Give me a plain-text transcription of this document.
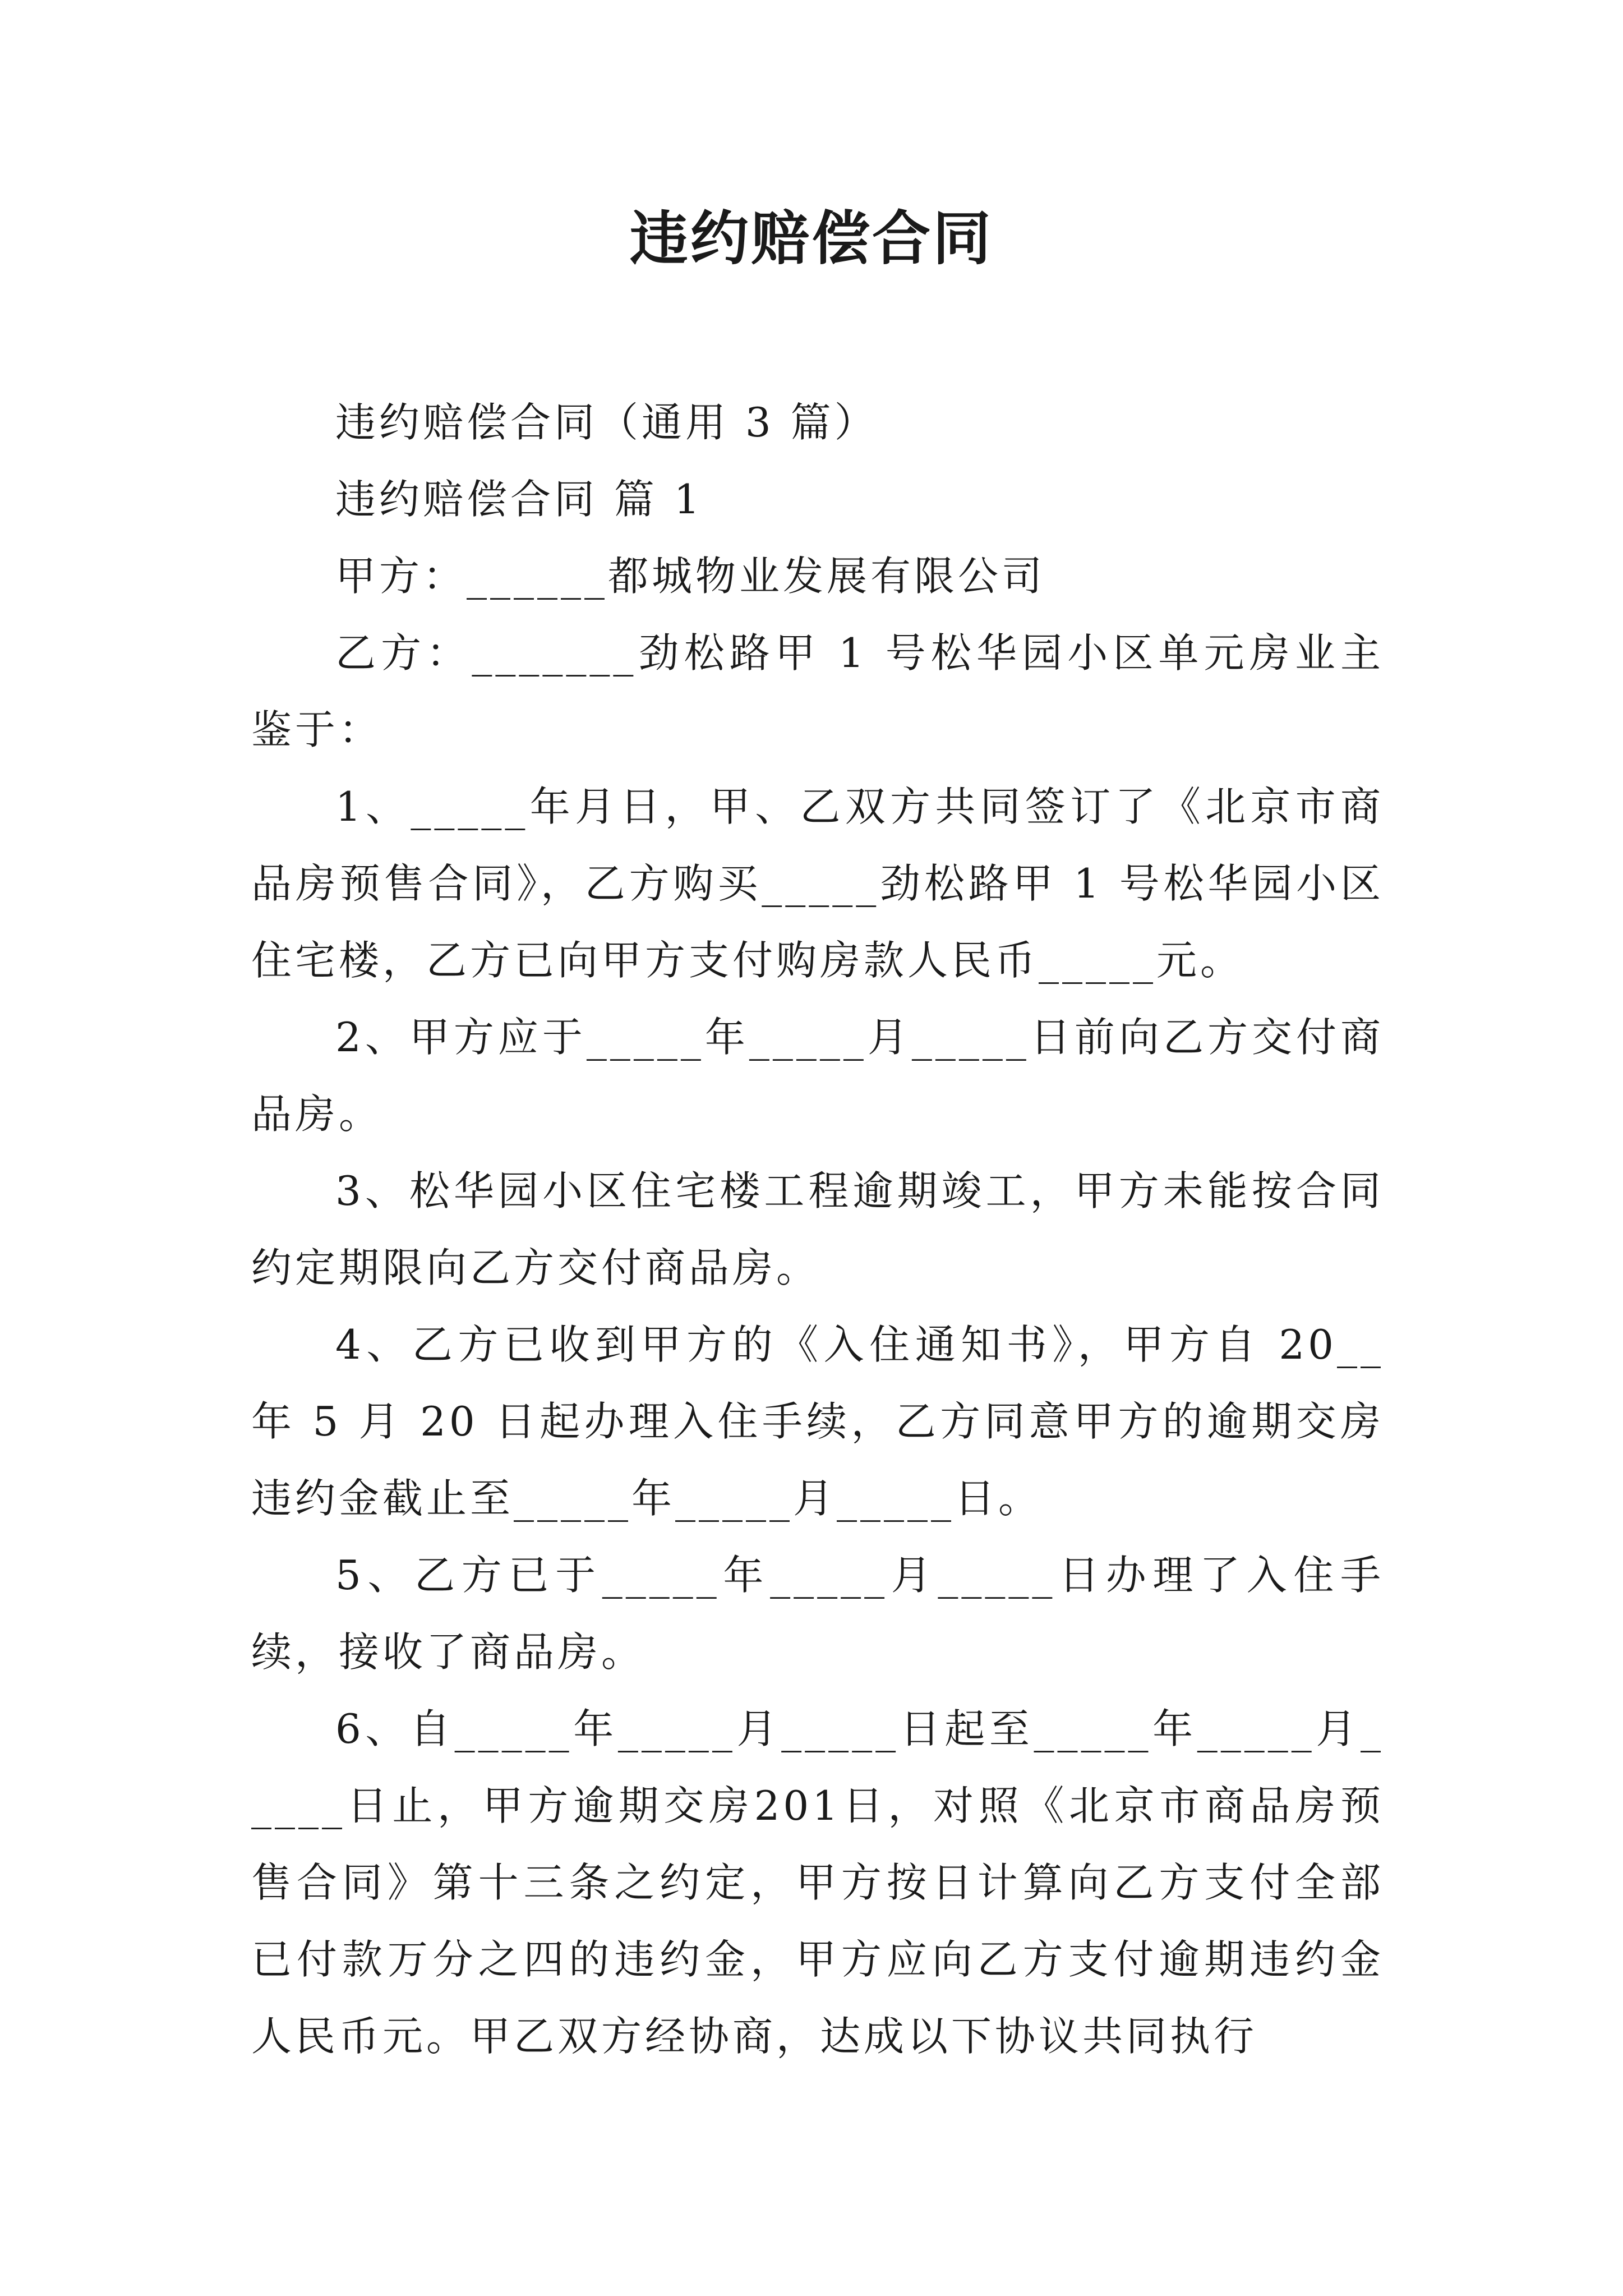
违约赔偿合同

违约赔偿合同（通用 3 篇）

违约赔偿合同 篇 1

甲方：______都城物业发展有限公司

乙方：_______劲松路甲 1 号松华园小区单元房业主鉴于：

1、_____年月日，甲、乙双方共同签订了《北京市商品房预售合同》，乙方购买_____劲松路甲 1 号松华园小区住宅楼，乙方已向甲方支付购房款人民币_____元。

2、甲方应于_____年_____月_____日前向乙方交付商品房。

3、松华园小区住宅楼工程逾期竣工，甲方未能按合同约定期限向乙方交付商品房。

4、乙方已收到甲方的《入住通知书》，甲方自 20__年 5 月 20 日起办理入住手续，乙方同意甲方的逾期交房违约金截止至_____年_____月_____日。

5、乙方已于_____年_____月_____日办理了入住手续，接收了商品房。

6、自_____年_____月_____日起至_____年_____月_____日止，甲方逾期交房201日，对照《北京市商品房预售合同》第十三条之约定，甲方按日计算向乙方支付全部已付款万分之四的违约金，甲方应向乙方支付逾期违约金人民币元。甲乙双方经协商，达成以下协议共同执行
